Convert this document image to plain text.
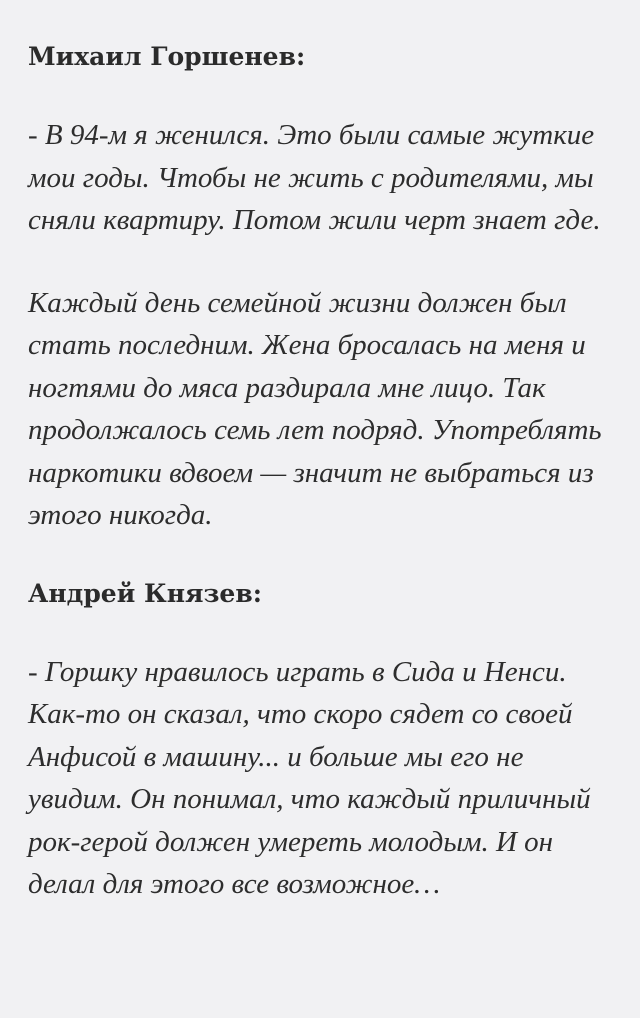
Михаил Горшенев:

- В 94-м я женился. Это были самые жуткие мои годы. Чтобы не жить с родителями, мы сняли квартиру. Потом жили черт знает где.

Каждый день семейной жизни должен был стать последним. Жена бросалась на меня и ногтями до мяса раздирала мне лицо. Так продолжалось семь лет подряд. Употреблять наркотики вдвоем — значит не выбраться из этого никогда.

Андрей Князев:

- Горшку нравилось играть в Сида и Ненси. Как-то он сказал, что скоро сядет со своей Анфисой в машину... и больше мы его не увидим. Он понимал, что каждый приличный рок-герой должен умереть молодым. И он делал для этого все возможное…
